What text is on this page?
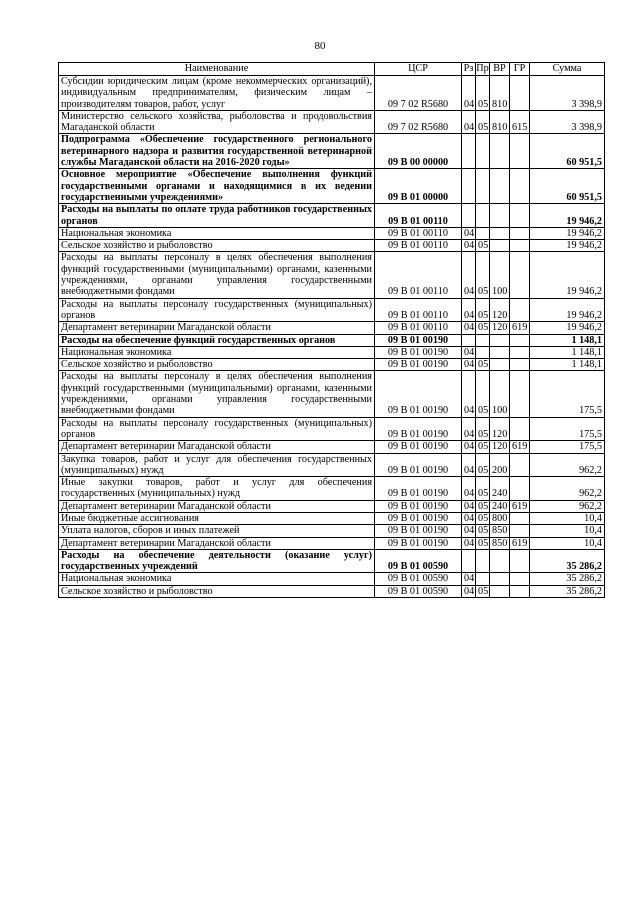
80
Наименование	ЦСР	Рз	Пр	ВР	ГР	Сумма
Субсидии юридическим лицам (кроме некоммерческих организаций), индивидуальным предпринимателям, физическим лицам – производителям товаров, работ, услуг	09 7 02 R5680	04	05	810		3 398,9
Министерство сельского хозяйства, рыболовства и продовольствия Магаданской области	09 7 02 R5680	04	05	810	615	3 398,9
Подпрограмма «Обеспечение государственного регионального ветеринарного надзора и развития государственной ветеринарной службы Магаданской области на 2016-2020 годы»	09 В 00 00000					60 951,5
Основное мероприятие «Обеспечение выполнения функций государственными органами и находящимися в их ведении государственными учреждениями»	09 В 01 00000					60 951,5
Расходы на выплаты по оплате труда работников государственных органов	09 В 01 00110					19 946,2
Национальная экономика	09 В 01 00110	04				19 946,2
Сельское хозяйство и рыболовство	09 В 01 00110	04	05			19 946,2
Расходы на выплаты персоналу в целях обеспечения выполнения функций государственными (муниципальными) органами, казенными учреждениями, органами управления государственными внебюджетными фондами	09 В 01 00110	04	05	100		19 946,2
Расходы на выплаты персоналу государственных (муниципальных) органов	09 В 01 00110	04	05	120		19 946,2
Департамент ветеринарии Магаданской области	09 В 01 00110	04	05	120	619	19 946,2
Расходы на обеспечение функций государственных органов	09 В 01 00190					1 148,1
Национальная экономика	09 В 01 00190	04				1 148,1
Сельское хозяйство и рыболовство	09 В 01 00190	04	05			1 148,1
Расходы на выплаты персоналу в целях обеспечения выполнения функций государственными (муниципальными) органами, казенными учреждениями, органами управления государственными внебюджетными фондами	09 В 01 00190	04	05	100		175,5
Расходы на выплаты персоналу государственных (муниципальных) органов	09 В 01 00190	04	05	120		175,5
Департамент ветеринарии Магаданской области	09 В 01 00190	04	05	120	619	175,5
Закупка товаров, работ и услуг для обеспечения государственных (муниципальных) нужд	09 В 01 00190	04	05	200		962,2
Иные закупки товаров, работ и услуг для обеспечения государственных (муниципальных) нужд	09 В 01 00190	04	05	240		962,2
Департамент ветеринарии Магаданской области	09 В 01 00190	04	05	240	619	962,2
Иные бюджетные ассигнования	09 В 01 00190	04	05	800		10,4
Уплата налогов, сборов и иных платежей	09 В 01 00190	04	05	850		10,4
Департамент ветеринарии Магаданской области	09 В 01 00190	04	05	850	619	10,4
Расходы на обеспечение деятельности (оказание услуг) государственных учреждений	09 В 01 00590					35 286,2
Национальная экономика	09 В 01 00590	04				35 286,2
Сельское хозяйство и рыболовство	09 В 01 00590	04	05			35 286,2
